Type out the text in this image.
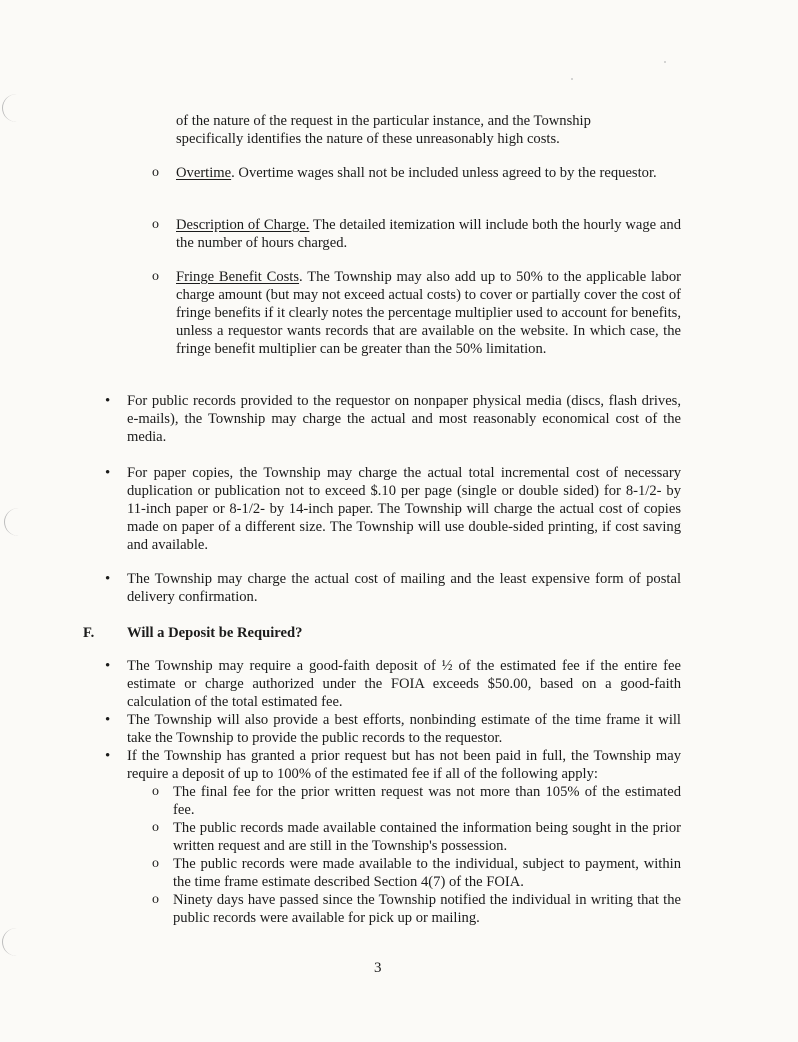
of the nature of the request in the particular instance, and the Township
specifically identifies the nature of these unreasonably high costs.
o Overtime. Overtime wages shall not be included unless agreed to by the requestor.
o Description of Charge. The detailed itemization will include both the hourly wage and the number of hours charged.
o Fringe Benefit Costs. The Township may also add up to 50% to the applicable labor charge amount (but may not exceed actual costs) to cover or partially cover the cost of fringe benefits if it clearly notes the percentage multiplier used to account for benefits, unless a requestor wants records that are available on the website. In which case, the fringe benefit multiplier can be greater than the 50% limitation.
• For public records provided to the requestor on nonpaper physical media (discs, flash drives, e-mails), the Township may charge the actual and most reasonably economical cost of the media.
• For paper copies, the Township may charge the actual total incremental cost of necessary duplication or publication not to exceed $.10 per page (single or double sided) for 8-1/2- by 11-inch paper or 8-1/2- by 14-inch paper. The Township will charge the actual cost of copies made on paper of a different size. The Township will use double-sided printing, if cost saving and available.
• The Township may charge the actual cost of mailing and the least expensive form of postal delivery confirmation.
F. Will a Deposit be Required?
• The Township may require a good-faith deposit of ½ of the estimated fee if the entire fee estimate or charge authorized under the FOIA exceeds $50.00, based on a good-faith calculation of the total estimated fee.
• The Township will also provide a best efforts, nonbinding estimate of the time frame it will take the Township to provide the public records to the requestor.
• If the Township has granted a prior request but has not been paid in full, the Township may require a deposit of up to 100% of the estimated fee if all of the following apply:
o The final fee for the prior written request was not more than 105% of the estimated fee.
o The public records made available contained the information being sought in the prior written request and are still in the Township's possession.
o The public records were made available to the individual, subject to payment, within the time frame estimate described Section 4(7) of the FOIA.
o Ninety days have passed since the Township notified the individual in writing that the public records were available for pick up or mailing.
3
